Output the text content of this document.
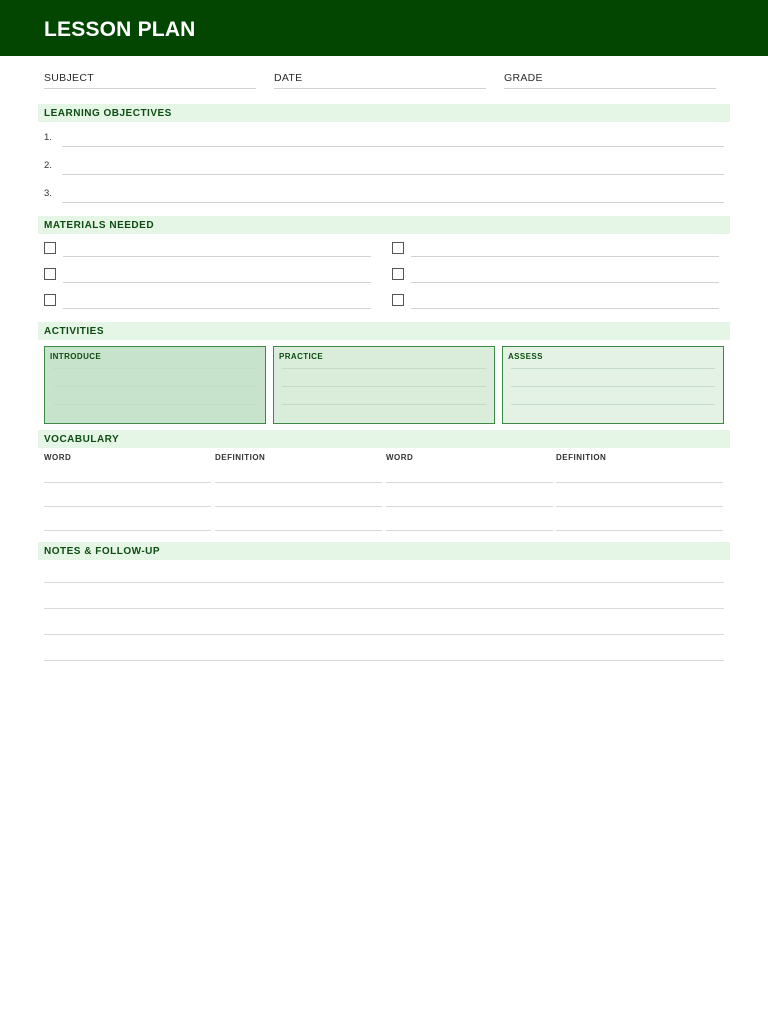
LESSON PLAN
SUBJECT	DATE	GRADE
LEARNING OBJECTIVES
1.
2.
3.
MATERIALS NEEDED
ACTIVITIES
INTRODUCE	PRACTICE	ASSESS
VOCABULARY
WORD	DEFINITION	WORD	DEFINITION
NOTES & FOLLOW-UP
